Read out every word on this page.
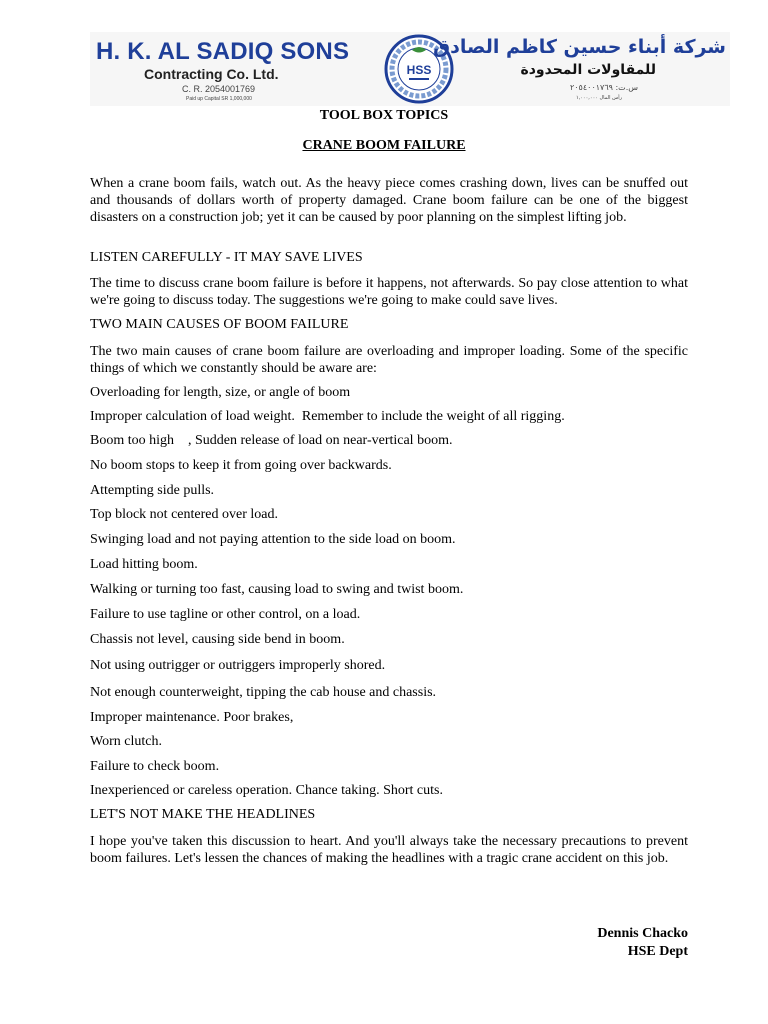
H. K. AL SADIQ SONS
Contracting Co. Ltd.
C. R. 2054001769
Paid up Capital SR 1,000,000
HSS
شركة أبناء حسين كاظم الصادق
للمقاولات المحدودة
س.ت: ٢٠٥٤٠٠١٧٦٩
رأس المال ١,٠٠٠,٠٠٠
TOOL BOX TOPICS
CRANE BOOM FAILURE

When a crane boom fails, watch out. As the heavy piece comes crashing down, lives can be snuffed out and thousands of dollars worth of property damaged. Crane boom failure can be one of the biggest disasters on a construction job; yet it can be caused by poor planning on the simplest lifting job.

LISTEN CAREFULLY - IT MAY SAVE LIVES

The time to discuss crane boom failure is before it happens, not afterwards. So pay close attention to what we're going to discuss today. The suggestions we're going to make could save lives.

TWO MAIN CAUSES OF BOOM FAILURE

The two main causes of crane boom failure are overloading and improper loading. Some of the specific things of which we constantly should be aware are:

Overloading for length, size, or angle of boom

Improper calculation of load weight.  Remember to include the weight of all rigging.

Boom too high    , Sudden release of load on near-vertical boom.

No boom stops to keep it from going over backwards.

Attempting side pulls.

Top block not centered over load.

Swinging load and not paying attention to the side load on boom.

Load hitting boom.

Walking or turning too fast, causing load to swing and twist boom.

Failure to use tagline or other control, on a load.

Chassis not level, causing side bend in boom.

Not using outrigger or outriggers improperly shored.

Not enough counterweight, tipping the cab house and chassis.

Improper maintenance. Poor brakes,

Worn clutch.

Failure to check boom.

Inexperienced or careless operation. Chance taking. Short cuts.

LET'S NOT MAKE THE HEADLINES

I hope you've taken this discussion to heart. And you'll always take the necessary precautions to prevent boom failures. Let's lessen the chances of making the headlines with a tragic crane accident on this job.

Dennis Chacko
HSE Dept
